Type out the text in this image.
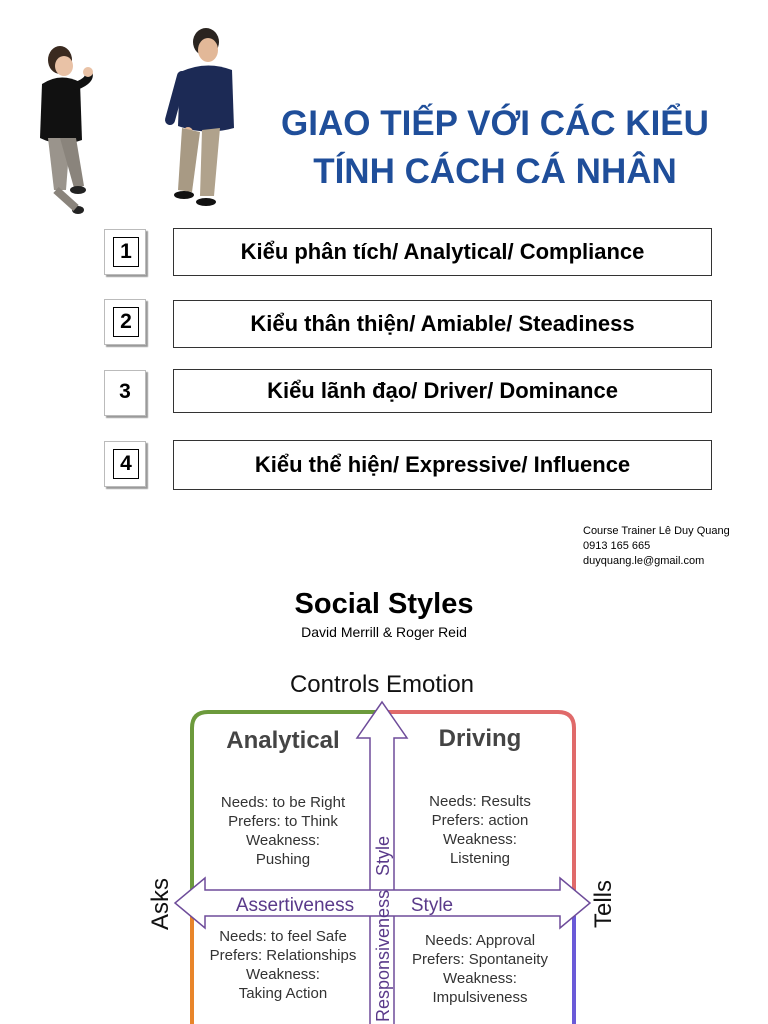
GIAO TIẾP VỚI CÁC KIỂU
TÍNH CÁCH CÁ NHÂN
1	Kiểu phân tích/ Analytical/ Compliance
2	Kiểu thân thiện/ Amiable/ Steadiness
3	Kiểu lãnh đạo/ Driver/ Dominance
4	Kiểu thể hiện/ Expressive/ Influence
Course Trainer Lê Duy Quang
0913 165 665
duyquang.le@gmail.com
Social Styles
David Merrill & Roger Reid
Controls Emotion
Assertiveness	Style
Style
Responsiveness
Asks	Tells
Analytical
Needs: to be Right
Prefers: to Think
Weakness:
Pushing
Driving
Needs: Results
Prefers: action
Weakness:
Listening
Needs: to feel Safe
Prefers: Relationships
Weakness:
Taking Action
Needs: Approval
Prefers: Spontaneity
Weakness:
Impulsiveness
